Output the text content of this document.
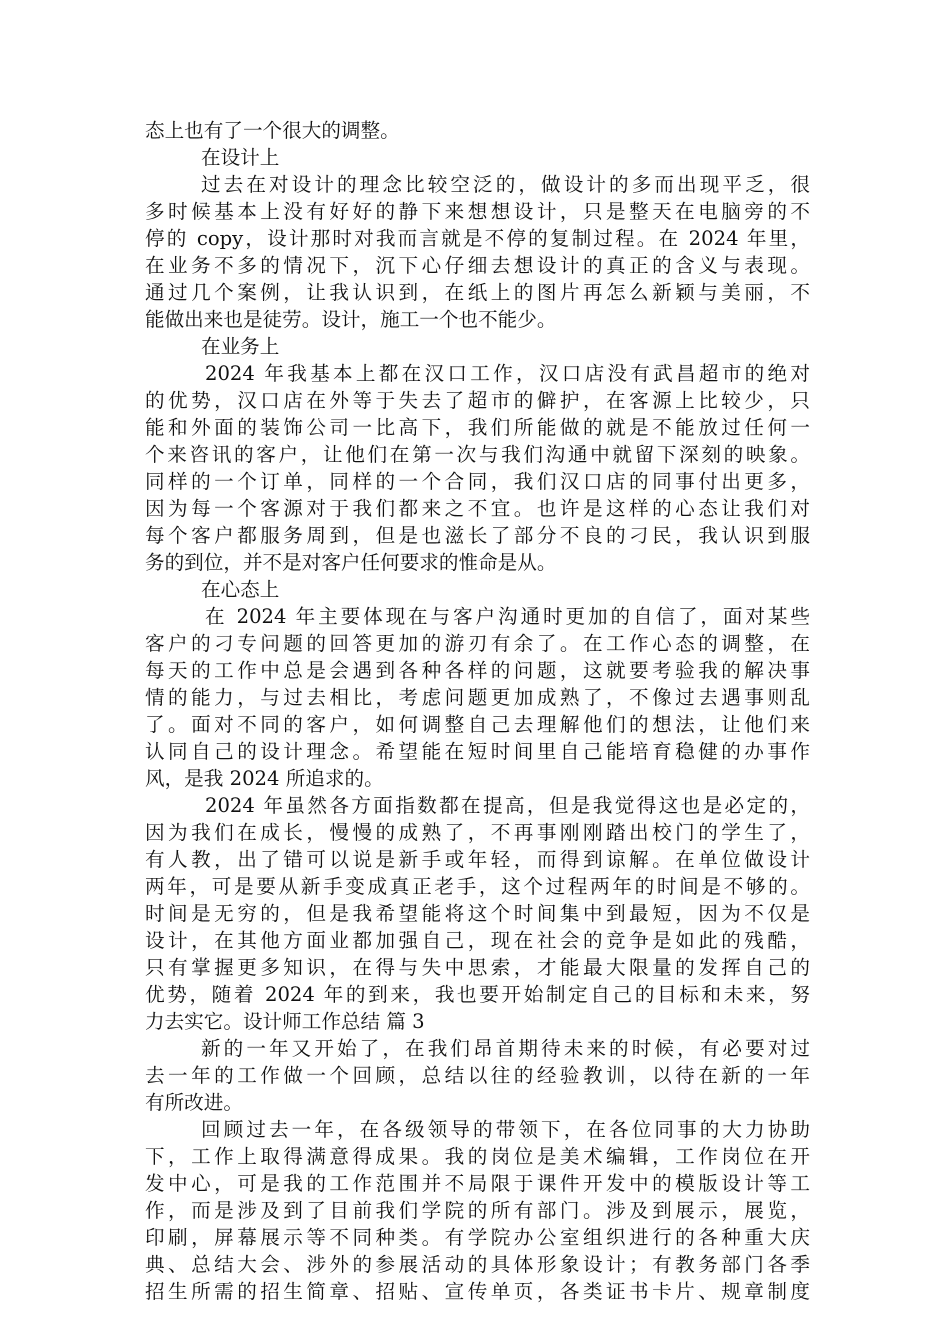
态上也有了一个很大的调整。
在设计上
过去在对设计的理念比较空泛的，做设计的多而出现平乏，很
多时候基本上没有好好的静下来想想设计，只是整天在电脑旁的不
停的 copy，设计那时对我而言就是不停的复制过程。在 2024 年里，
在业务不多的情况下，沉下心仔细去想设计的真正的含义与表现。
通过几个案例，让我认识到，在纸上的图片再怎么新颖与美丽，不
能做出来也是徒劳。设计，施工一个也不能少。
在业务上
2024 年我基本上都在汉口工作，汉口店没有武昌超市的绝对
的优势，汉口店在外等于失去了超市的僻护，在客源上比较少，只
能和外面的装饰公司一比高下，我们所能做的就是不能放过任何一
个来咨讯的客户，让他们在第一次与我们沟通中就留下深刻的映象。
同样的一个订单，同样的一个合同，我们汉口店的同事付出更多，
因为每一个客源对于我们都来之不宜。也许是这样的心态让我们对
每个客户都服务周到，但是也滋长了部分不良的刁民，我认识到服
务的到位，并不是对客户任何要求的惟命是从。
在心态上
在 2024 年主要体现在与客户沟通时更加的自信了，面对某些
客户的刁专问题的回答更加的游刃有余了。在工作心态的调整，在
每天的工作中总是会遇到各种各样的问题，这就要考验我的解决事
情的能力，与过去相比，考虑问题更加成熟了，不像过去遇事则乱
了。面对不同的客户，如何调整自己去理解他们的想法，让他们来
认同自己的设计理念。希望能在短时间里自己能培育稳健的办事作
风，是我 2024 所追求的。
2024 年虽然各方面指数都在提高，但是我觉得这也是必定的，
因为我们在成长，慢慢的成熟了，不再事刚刚踏出校门的学生了，
有人教，出了错可以说是新手或年轻，而得到谅解。在单位做设计
两年，可是要从新手变成真正老手，这个过程两年的时间是不够的。
时间是无穷的，但是我希望能将这个时间集中到最短，因为不仅是
设计，在其他方面业都加强自己，现在社会的竞争是如此的残酷，
只有掌握更多知识，在得与失中思索，才能最大限量的发挥自己的
优势，随着 2024 年的到来，我也要开始制定自己的目标和未来，努
力去实它。设计师工作总结 篇 3
新的一年又开始了，在我们昂首期待未来的时候，有必要对过
去一年的工作做一个回顾，总结以往的经验教训，以待在新的一年
有所改进。
回顾过去一年，在各级领导的带领下，在各位同事的大力协助
下，工作上取得满意得成果。我的岗位是美术编辑，工作岗位在开
发中心，可是我的工作范围并不局限于课件开发中的模版设计等工
作，而是涉及到了目前我们学院的所有部门。涉及到展示，展览，
印刷，屏幕展示等不同种类。有学院办公室组织进行的各种重大庆
典、总结大会、涉外的参展活动的具体形象设计；有教务部门各季
招生所需的招生简章、招贴、宣传单页，各类证书卡片、规章制度
